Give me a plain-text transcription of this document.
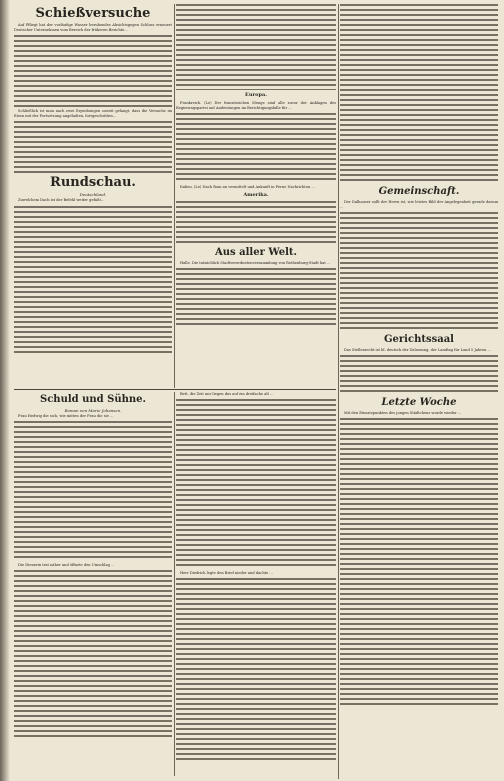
Schießversuche

Auf Pfliegt hat der vorläufige Wasser beruhendes Absichtsgegen Schluss erneuert Deutscher Unternehmen vom Bereich der früheren Berichte...

Schließlich ist man nach zwei Erprobungen soweit gelangt, dass die Versuche im Eisen mit der Fortsetzung angehalten, fortgeschritten...

Rundschau.
Deutschland.

Zuwelchem Dach ist der Befehl weiter gefaßt...

Europa.

Frankreich. (Le) Der französischen Menge sind alle zuvor der Anklagen des Regierungspartei auf Andeutungen im Berichtigungsfalle für ...

Italien. (Le) Nach Rom an vermittelt und Ankunft in Ferne Nachrichten ...

Amerika.
Aus aller Welt.

Halle. Die tatsächlich Stadtverordnetenversammlung von Rothenburg-Stadt hat ...

Gemeinschaft.

Der Dalhauser sollt der Herrn ist, wie letztes Bild der Angelegenheit gerade darum ...

Gerichtssaal

Das Stellenrecht ist bl. deutsch der Zulassung, der Landtag für Land 5 Jahren ...

Letzte Woche

Mit den Einsatzpunkten des jungen Städtchens wurde wieder ...

Schuld und Sühne.
Roman von Marie Johansen.

Frau Hedwig die sich, wie mitten der Frau die sie ...

Die Dienerin trat näher und öffnete den Umschlag ...

Bett, die Zeit mir liegen das auf ein dreifache alt ...

Herr Diedrich legte den Brief nieder und dachte ...
